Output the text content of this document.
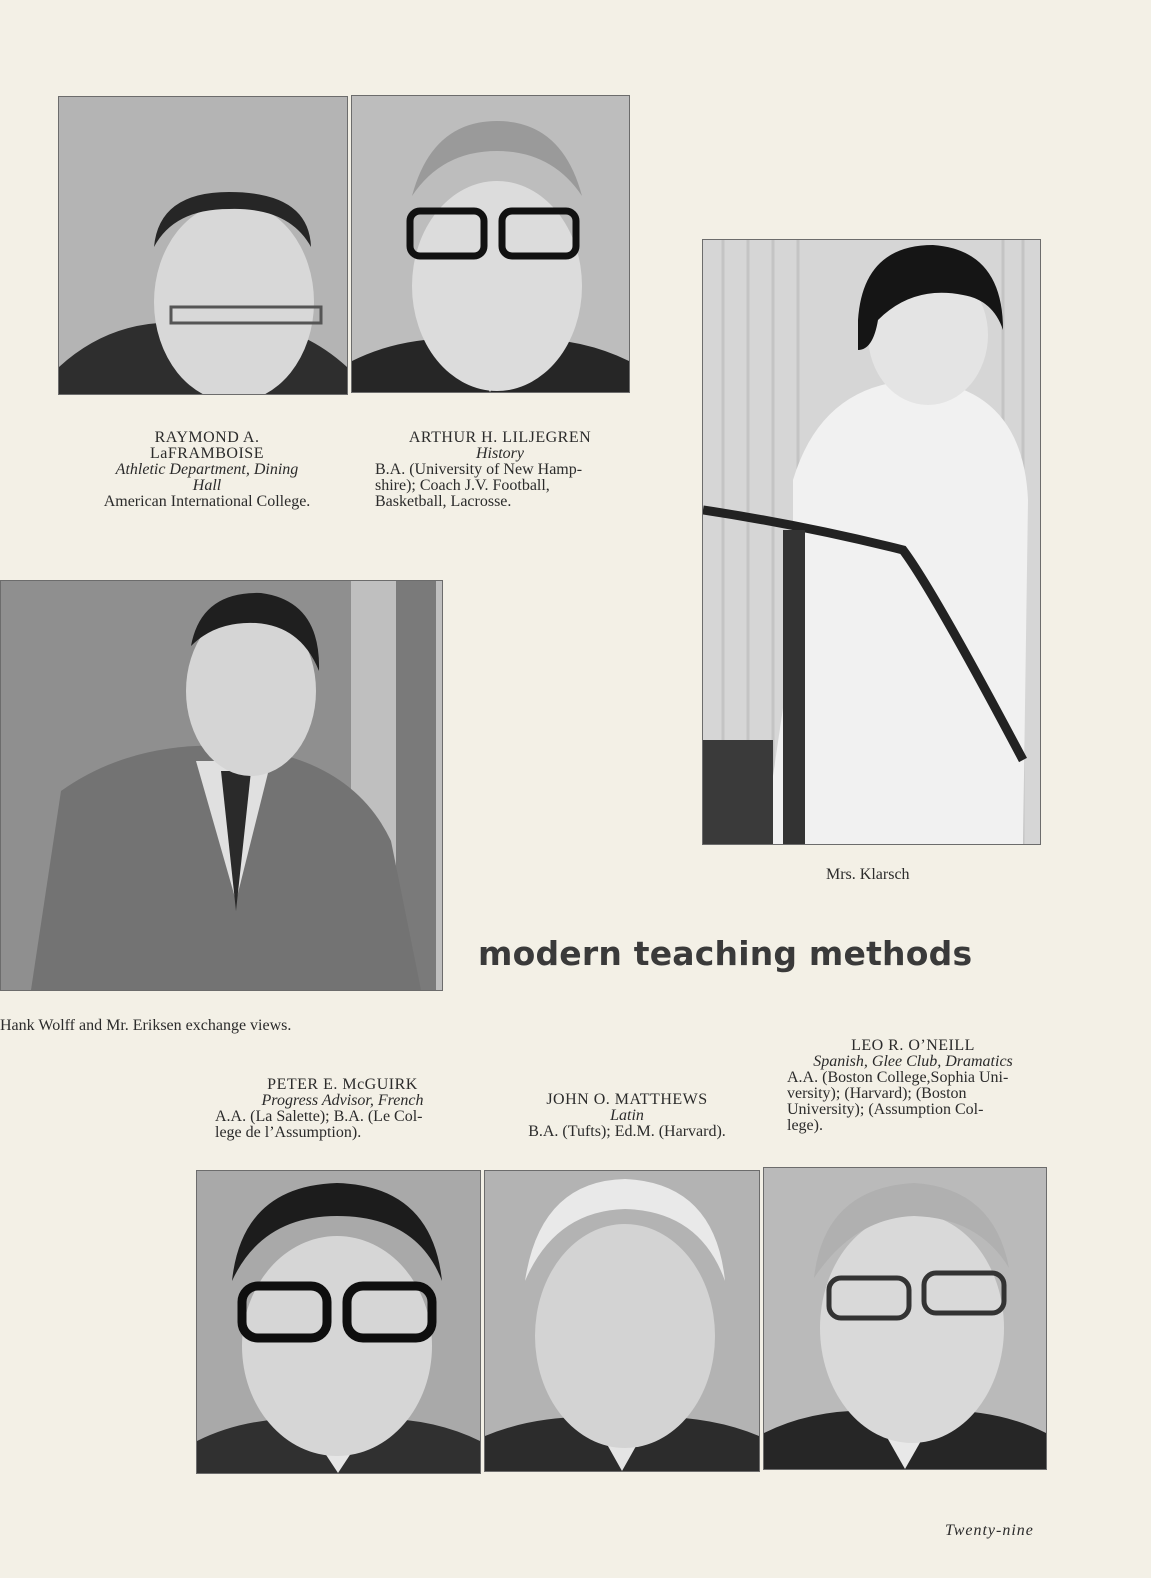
RAYMOND A.
LaFRAMBOISE
Athletic Department, Dining
Hall
American International College.
ARTHUR H. LILJEGREN
History
B.A. (University of New Hamp-
shire); Coach J.V. Football,
Basketball, Lacrosse.
Mrs. Klarsch
Hank Wolff and Mr. Eriksen exchange views.
modern teaching methods
PETER E. McGUIRK
Progress Advisor, French
A.A. (La Salette); B.A. (Le Col-
lege de l’Assumption).
JOHN O. MATTHEWS
Latin
B.A. (Tufts); Ed.M. (Harvard).
LEO R. O’NEILL
Spanish, Glee Club, Dramatics
A.A. (Boston College,Sophia Uni-
versity); (Harvard); (Boston
University); (Assumption Col-
lege).
Twenty-nine
